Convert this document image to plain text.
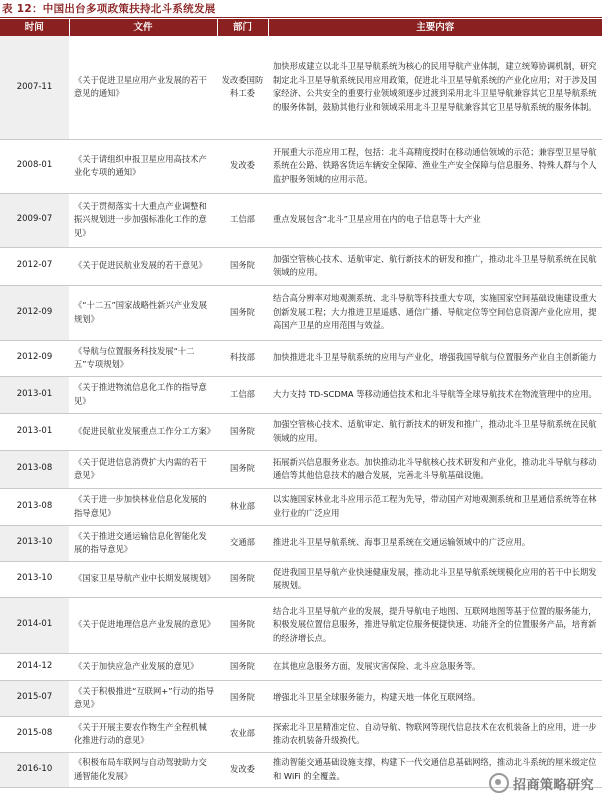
表 12：中国出台多项政策扶持北斗系统发展
时间	文件	部门	主要内容
2007-11	《关于促进卫星应用产业发展的若干意见的通知》	发改委国防科工委	加快形成建立以北斗卫星导航系统为核心的民用导航产业体制，建立统筹协调机制，研究制定北斗卫星导航系统民用应用政策，促进北斗卫星导航系统的产业化应用；对于涉及国家经济、公共安全的重要行业领域须逐步过渡到采用北斗卫星导航兼容其它卫星导航系统的服务体制，鼓励其他行业和领域采用北斗卫星导航兼容其它卫星导航系统的服务体制。
2008-01	《关于请组织申报卫星应用高技术产业化专项的通知》	发改委	开展重大示范应用工程，包括：北斗高精度授时在移动通信领域的示范；兼容型卫星导航系统在公路、铁路客货运车辆安全保障、渔业生产安全保障与信息服务、特殊人群与个人监护服务领域的应用示范。
2009-07	《关于贯彻落实十大重点产业调整和振兴规划进一步加强标准化工作的意见》	工信部	重点发展包含“北斗”卫星应用在内的电子信息等十大产业
2012-07	《关于促进民航业发展的若干意见》	国务院	加强空管核心技术、适航审定、航行新技术的研发和推广，推动北斗卫星导航系统在民航领域的应用。
2012-09	《“十二五”国家战略性新兴产业发展规划》	国务院	结合高分辨率对地观测系统、北斗导航等科技重大专项，实施国家空间基础设施建设重大创新发展工程；大力推进卫星遥感、通信广播、导航定位等空间信息资源产业化应用，提高国产卫星的应用范围与效益。
2012-09	《导航与位置服务科技发展“十二五”专项规划》	科技部	加快推进北斗卫星导航系统的应用与产业化，增强我国导航与位置服务产业自主创新能力
2013-01	《关于推进物流信息化工作的指导意见》	工信部	大力支持 TD-SCDMA 等移动通信技术和北斗导航等全球导航技术在物流管理中的应用。
2013-01	《促进民航业发展重点工作分工方案》	国务院	加强空管核心技术、适航审定、航行新技术的研发和推广，推动北斗卫星导航系统在民航领域的应用。
2013-08	《关于促进信息消费扩大内需的若干意见》	国务院	拓展新兴信息服务业态。加快推动北斗导航核心技术研发和产业化，推动北斗导航与移动通信等其他信息技术的融合发展，完善北斗导航基础设施。
2013-08	《关于进一步加快林业信息化发展的指导意见》	林业部	以实施国家林业北斗应用示范工程为先导，带动国产对地观测系统和卫星通信系统等在林业行业的广泛应用
2013-10	《关于推进交通运输信息化智能化发展的指导意见》	交通部	推进北斗卫星导航系统、海事卫星系统在交通运输领域中的广泛应用。
2013-10	《国家卫星导航产业中长期发展规划》	国务院	促进我国卫星导航产业快速健康发展，推动北斗卫星导航系统规模化应用的若干中长期发展规划。
2014-01	《关于促进地理信息产业发展的意见》	国务院	结合北斗卫星导航产业的发展，提升导航电子地图、互联网地图等基于位置的服务能力，积极发展位置信息服务，推进导航定位服务便捷快速、功能齐全的位置服务产品，培育新的经济增长点。
2014-12	《关于加快应急产业发展的意见》	国务院	在其他应急服务方面，发展灾害保险、北斗应急服务等。
2015-07	《关于积极推进“互联网+”行动的指导意见》	国务院	增强北斗卫星全球服务能力，构建天地一体化互联网络。
2015-08	《关于开展主要农作物生产全程机械化推进行动的意见》	农业部	探索北斗卫星精准定位、自动导航、物联网等现代信息技术在农机装备上的应用，进一步推动农机装备升级换代。
2016-10	《积极布局车联网与自动驾驶助力交通智能化发展》	发改委	推动智能交通基础设施支撑，构建下一代交通信息基础网络，推动北斗系统的厘米级定位和 WiFi 的全覆盖。
招商策略研究
